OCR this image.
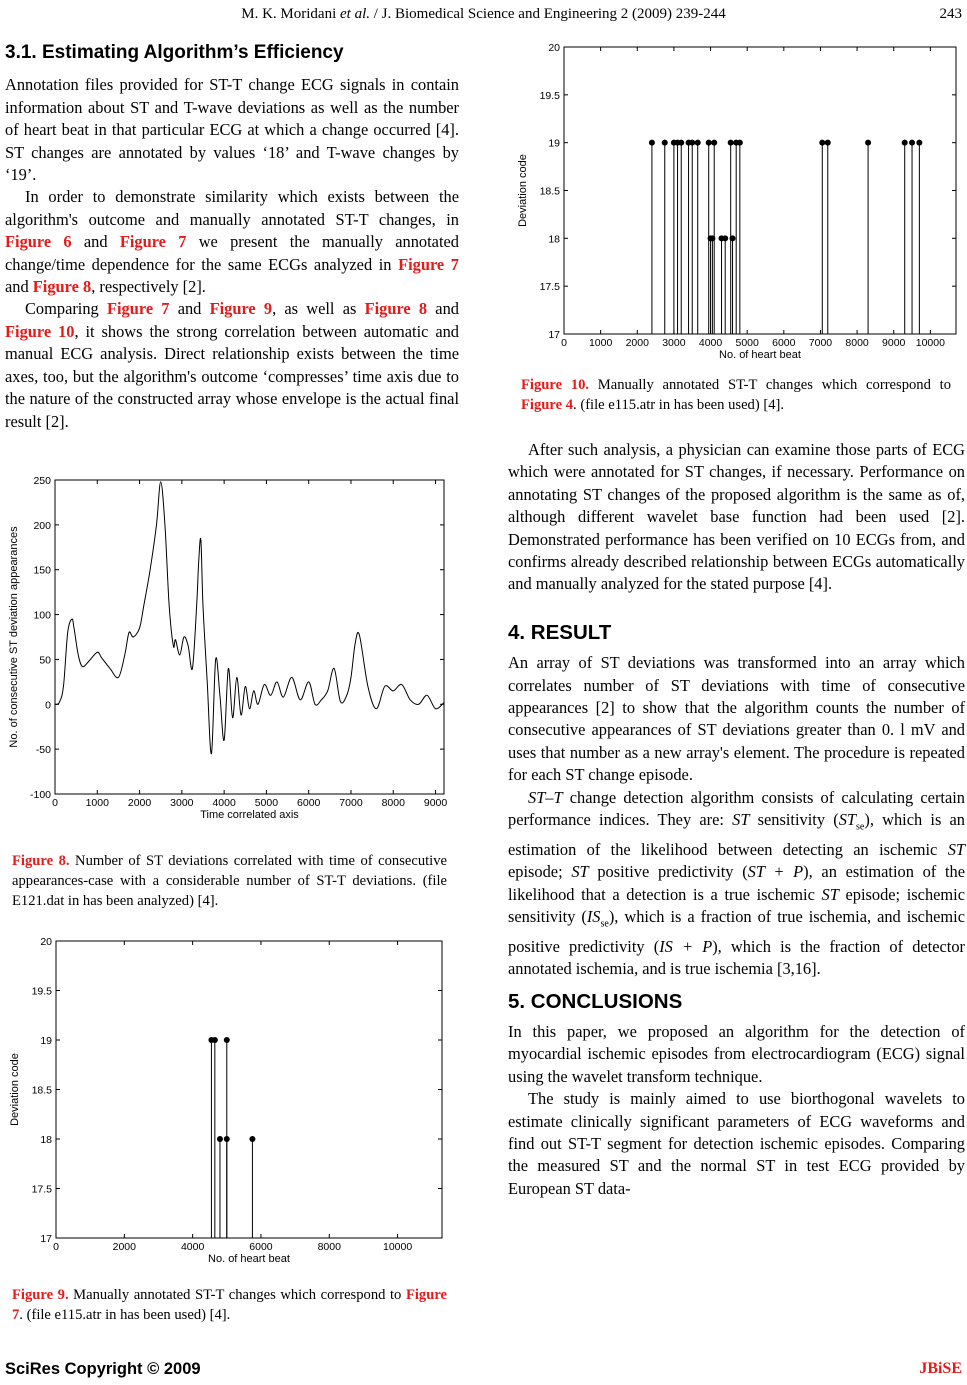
M. K. Moridani et al. / J. Biomedical Science and Engineering 2 (2009) 239-244	243
3.1. Estimating Algorithm’s Efficiency

Annotation files provided for ST-T change ECG signals in contain information about ST and T-wave deviations as well as the number of heart beat in that particular ECG at which a change occurred [4]. ST changes are annotated by values ‘18’ and T-wave changes by ‘19’.

In order to demonstrate similarity which exists between the algorithm's outcome and manually annotated ST-T changes, in Figure 6 and Figure 7 we present the manually annotated change/time dependence for the same ECGs analyzed in Figure 7 and Figure 8, respectively [2].

Comparing Figure 7 and Figure 9, as well as Figure 8 and Figure 10, it shows the strong correlation between automatic and manual ECG analysis. Direct relationship exists between the time axes, too, but the algorithm's outcome ‘compresses’ time axis due to the nature of the constructed array whose envelope is the actual final result [2].

0	1000 2000 3000 4000 5000 6000 7000 8000 9000
-100
-50
0
50
100
150
200
250
Time correlated axis
No. of consecutive ST deviation appearances
Figure 8. Number of ST deviations correlated with time of consecutive appearances-case with a considerable number of ST-T deviations. (file E121.dat in has been analyzed) [4].
0	2000	4000	6000	8000	10000
17
17.5
18
18.5
19
19.5
20
No. of heart beat
Deviation code
Figure 9. Manually annotated ST-T changes which correspond to Figure 7. (file e115.atr in has been used) [4].
0 1000 2000 3000 4000 5000 6000 7000 8000 9000 10000
17
17.5
18
18.5
19
19.5
20
No. of heart beat
Deviation code
Figure 10. Manually annotated ST-T changes which correspond to Figure 4. (file e115.atr in has been used) [4].

After such analysis, a physician can examine those parts of ECG which were annotated for ST changes, if necessary. Performance on annotating ST changes of the proposed algorithm is the same as of, although different wavelet base function had been used [2]. Demonstrated performance has been verified on 10 ECGs from, and confirms already described relationship between ECGs automatically and manually analyzed for the stated purpose [4].

4. RESULT

An array of ST deviations was transformed into an array which correlates number of ST deviations with time of consecutive appearances [2] to show that the algorithm counts the number of consecutive appearances of ST deviations greater than 0. l mV and uses that number as a new array's element. The procedure is repeated for each ST change episode.

ST–T change detection algorithm consists of calculating certain performance indices. They are: ST sensitivity $(ST_{se})$, which is an estimation of the likelihood between detecting an ischemic ST episode; ST positive predictivity (ST + P), an estimation of the likelihood that a detection is a true ischemic ST episode; ischemic sensitivity $(IS_{se})$, which is a fraction of true ischemia, and ischemic positive predictivity (IS + P), which is the fraction of detector annotated ischemia, and is true ischemia [3,16].

5. CONCLUSIONS

In this paper, we proposed an algorithm for the detection of myocardial ischemic episodes from electrocardiogram (ECG) signal using the wavelet transform technique.

The study is mainly aimed to use biorthogonal wavelets to estimate clinically significant parameters of ECG waveforms and find out ST-T segment for detection ischemic episodes. Comparing the measured ST and the normal ST in test ECG provided by European ST data-

SciRes Copyright © 2009	JBiSE
